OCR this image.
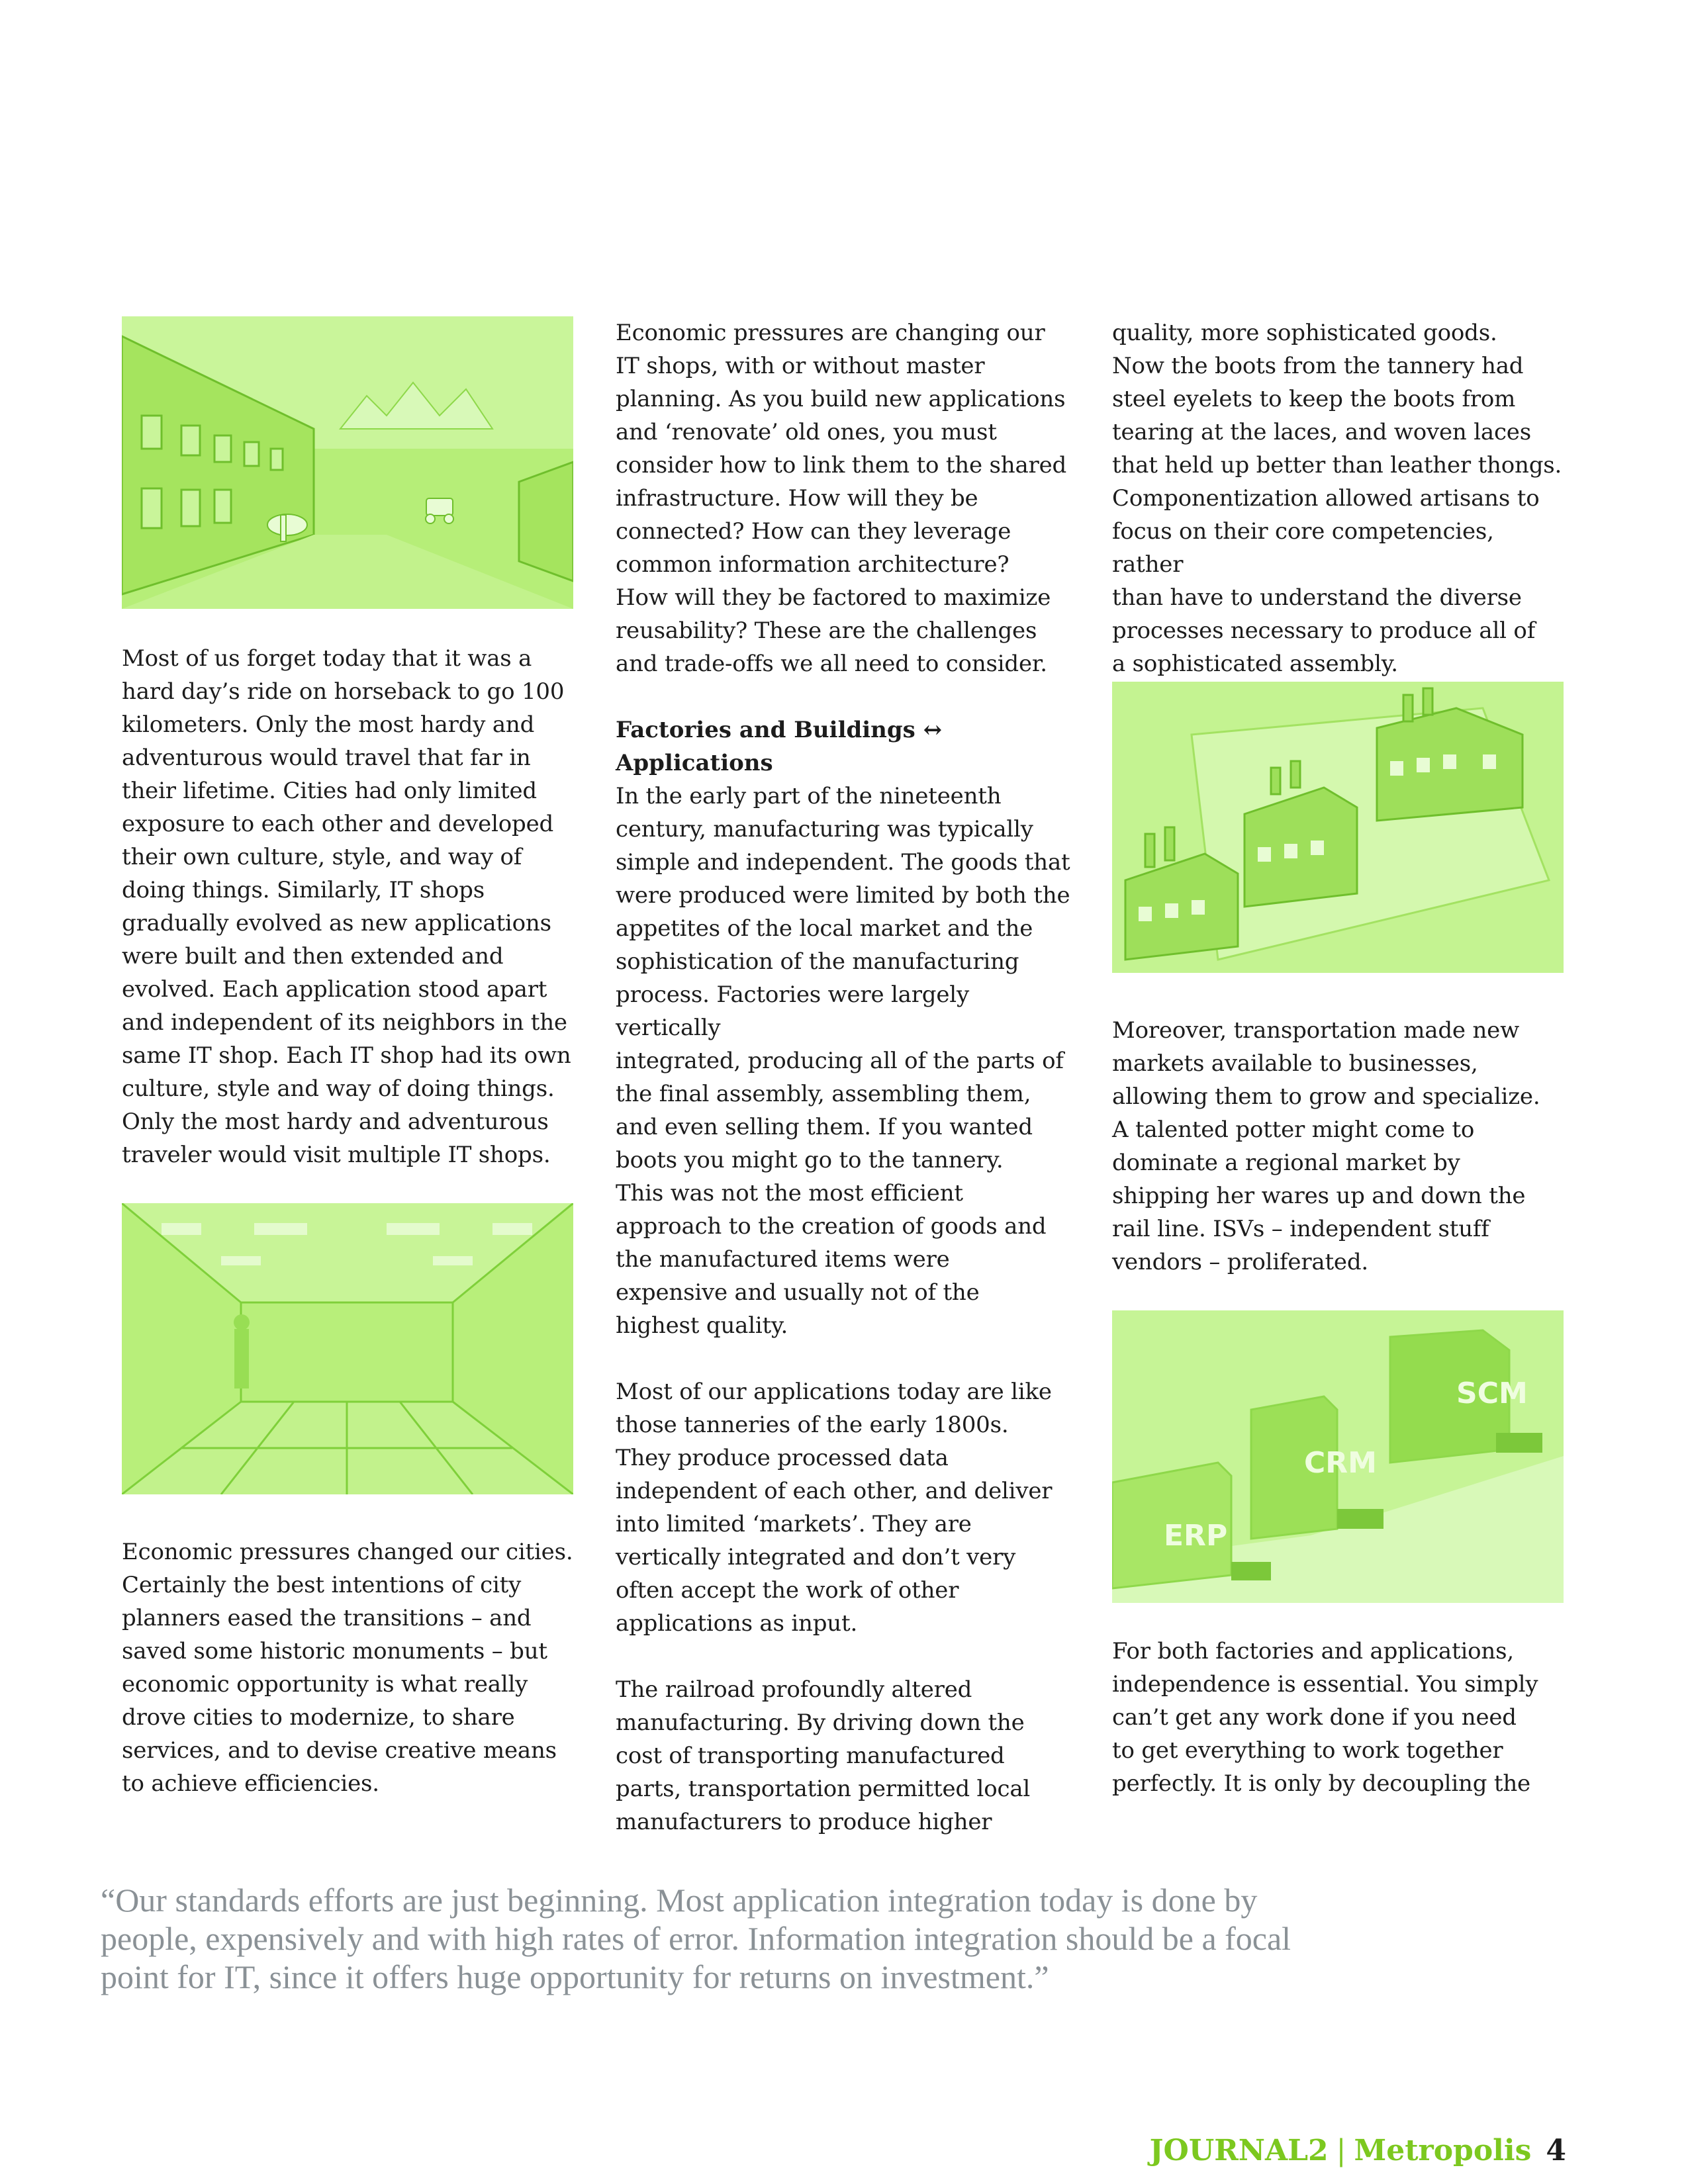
Most of us forget today that it was a
hard day’s ride on horseback to go 100
kilometers. Only the most hardy and
adventurous would travel that far in
their lifetime. Cities had only limited
exposure to each other and developed
their own culture, style, and way of
doing things. Similarly, IT shops
gradually evolved as new applications
were built and then extended and
evolved. Each application stood apart
and independent of its neighbors in the
same IT shop. Each IT shop had its own
culture, style and way of doing things.
Only the most hardy and adventurous
traveler would visit multiple IT shops.

Economic pressures changed our cities.
Certainly the best intentions of city
planners eased the transitions – and
saved some historic monuments – but
economic opportunity is what really
drove cities to modernize, to share
services, and to devise creative means
to achieve efficiencies.

Economic pressures are changing our
IT shops, with or without master
planning. As you build new applications
and ‘renovate’ old ones, you must
consider how to link them to the shared
infrastructure. How will they be
connected? How can they leverage
common information architecture?
How will they be factored to maximize
reusability? These are the challenges
and trade-offs we all need to consider.

Factories and Buildings ↔
Applications

In the early part of the nineteenth
century, manufacturing was typically
simple and independent. The goods that
were produced were limited by both the
appetites of the local market and the
sophistication of the manufacturing
process. Factories were largely vertically
integrated, producing all of the parts of
the final assembly, assembling them,
and even selling them. If you wanted
boots you might go to the tannery.
This was not the most efficient
approach to the creation of goods and
the manufactured items were
expensive and usually not of the
highest quality.

Most of our applications today are like
those tanneries of the early 1800s.
They produce processed data
independent of each other, and deliver
into limited ‘markets’. They are
vertically integrated and don’t very
often accept the work of other
applications as input.

The railroad profoundly altered
manufacturing. By driving down the
cost of transporting manufactured
parts, transportation permitted local
manufacturers to produce higher

quality, more sophisticated goods.
Now the boots from the tannery had
steel eyelets to keep the boots from
tearing at the laces, and woven laces
that held up better than leather thongs.
Componentization allowed artisans to
focus on their core competencies, rather
than have to understand the diverse
processes necessary to produce all of
a sophisticated assembly.

Moreover, transportation made new
markets available to businesses,
allowing them to grow and specialize.
A talented potter might come to
dominate a regional market by
shipping her wares up and down the
rail line. ISVs – independent stuff
vendors – proliferated.

ERP
CRM
SCM

For both factories and applications,
independence is essential. You simply
can’t get any work done if you need
to get everything to work together
perfectly. It is only by decoupling the

“Our standards efforts are just beginning. Most application integration today is done by
people, expensively and with high rates of error. Information integration should be a focal
point for IT, since it offers huge opportunity for returns on investment.”

JOURNAL2 | Metropolis 4
